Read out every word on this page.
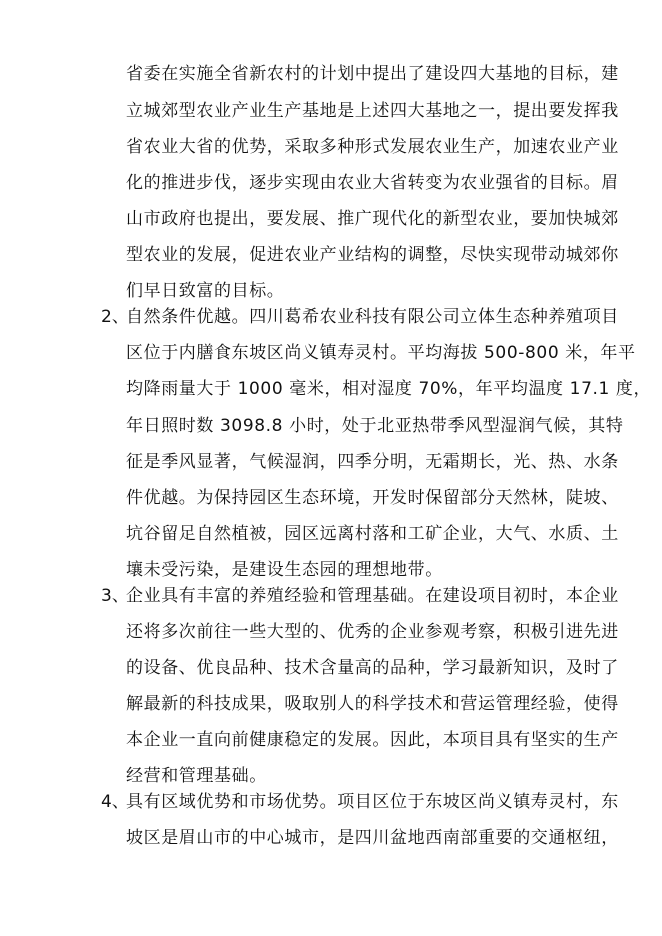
省委在实施全省新农村的计划中提出了建设四大基地的目标，建
立城郊型农业产业生产基地是上述四大基地之一，提出要发挥我
省农业大省的优势，采取多种形式发展农业生产，加速农业产业
化的推进步伐，逐步实现由农业大省转变为农业强省的目标。眉
山市政府也提出，要发展、推广现代化的新型农业，要加快城郊
型农业的发展，促进农业产业结构的调整，尽快实现带动城郊你
们早日致富的目标。
2、
自然条件优越。四川葛希农业科技有限公司立体生态种养殖项目
区位于内膳食东坡区尚义镇寿灵村。平均海拔 500-800 米，年平
均降雨量大于 1000 毫米，相对湿度 70%，年平均温度 17.1 度，
年日照时数 3098.8 小时，处于北亚热带季风型湿润气候，其特
征是季风显著，气候湿润，四季分明，无霜期长，光、热、水条
件优越。为保持园区生态环境，开发时保留部分天然林，陡坡、
坑谷留足自然植被，园区远离村落和工矿企业，大气、水质、土
壤未受污染，是建设生态园的理想地带。
3、
企业具有丰富的养殖经验和管理基础。在建设项目初时，本企业
还将多次前往一些大型的、优秀的企业参观考察，积极引进先进
的设备、优良品种、技术含量高的品种，学习最新知识，及时了
解最新的科技成果，吸取别人的科学技术和营运管理经验，使得
本企业一直向前健康稳定的发展。因此，本项目具有坚实的生产
经营和管理基础。
4、
具有区域优势和市场优势。项目区位于东坡区尚义镇寿灵村，东
坡区是眉山市的中心城市，是四川盆地西南部重要的交通枢纽，
